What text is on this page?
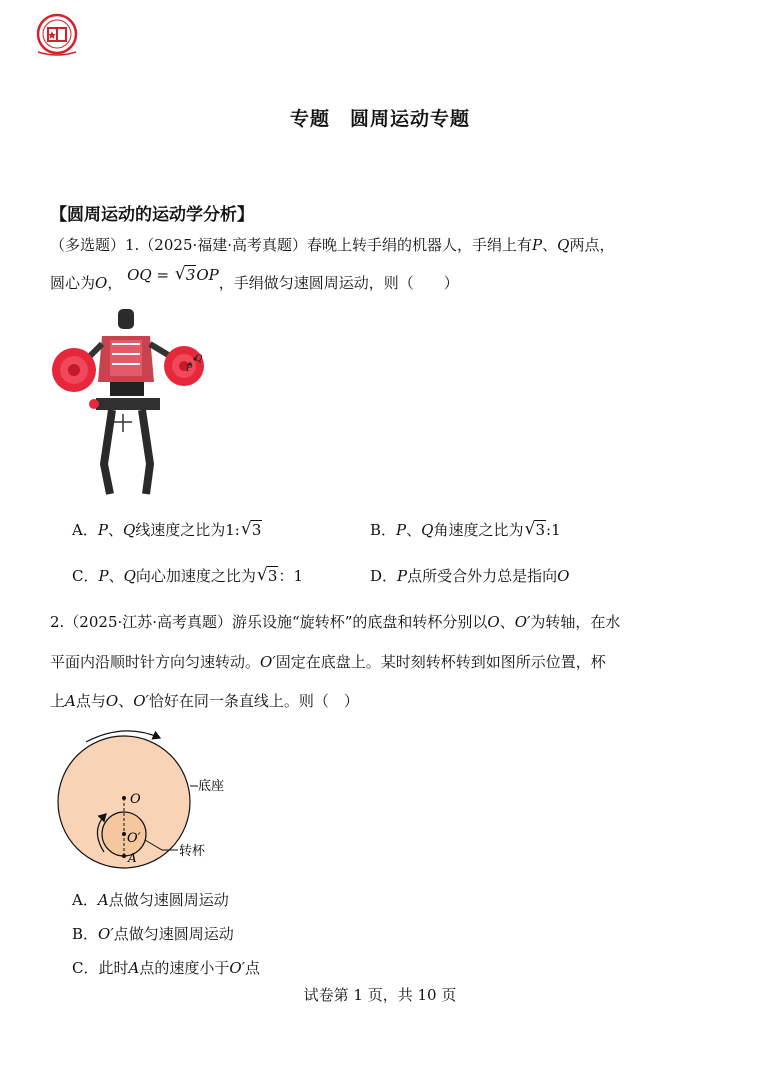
专题　圆周运动专题
【圆周运动的运动学分析】
（多选题）1.（2025·福建·高考真题）春晚上转手绢的机器人，手绢上有P、Q两点，
圆心为O， OQ = √ 3OP，手绢做匀速圆周运动，则（　　）
P
Q
A．P、Q线速度之比为1: √ 3	B．P、Q角速度之比为 √ 3:1
C．P、Q向心加速度之比为 √ 3：1	D．P点所受合外力总是指向O
2.（2025·江苏·高考真题）游乐设施“旋转杯”的底盘和转杯分别以O、O′为转轴，在水
平面内沿顺时针方向匀速转动。O′固定在底盘上。某时刻转杯转到如图所示位置，杯
上A点与O、O′恰好在同一条直线上。则（　）
O
O′
A
底座
转杯
A．A点做匀速圆周运动
B．O′点做匀速圆周运动
C．此时A点的速度小于O′点
试卷第 1 页，共 10 页
